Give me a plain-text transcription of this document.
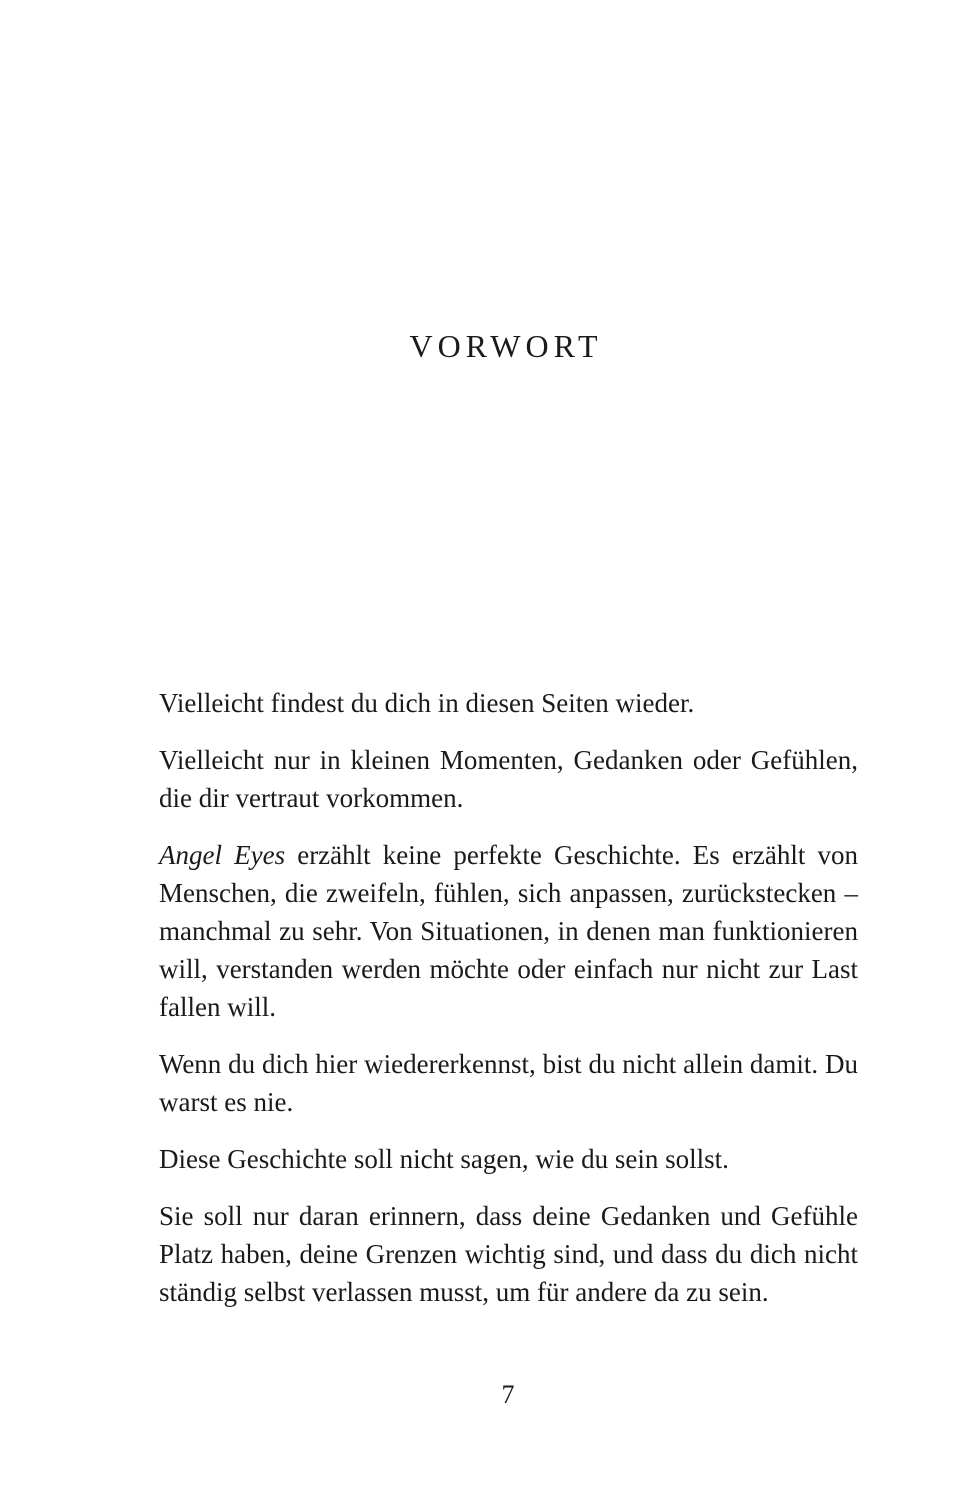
VORWORT

Vielleicht findest du dich in diesen Seiten wieder.

Vielleicht nur in kleinen Momenten, Gedanken oder Gefühlen, die dir vertraut vorkommen.

Angel Eyes erzählt keine perfekte Geschichte. Es erzählt von Menschen, die zweifeln, fühlen, sich anpassen, zurückstecken – manchmal zu sehr. Von Situationen, in denen man funktionieren will, verstanden werden möchte oder einfach nur nicht zur Last fallen will.

Wenn du dich hier wiedererkennst, bist du nicht allein damit. Du warst es nie.

Diese Geschichte soll nicht sagen, wie du sein sollst.

Sie soll nur daran erinnern, dass deine Gedanken und Gefühle Platz haben, deine Grenzen wichtig sind, und dass du dich nicht ständig selbst verlassen musst, um für andere da zu sein.

7
